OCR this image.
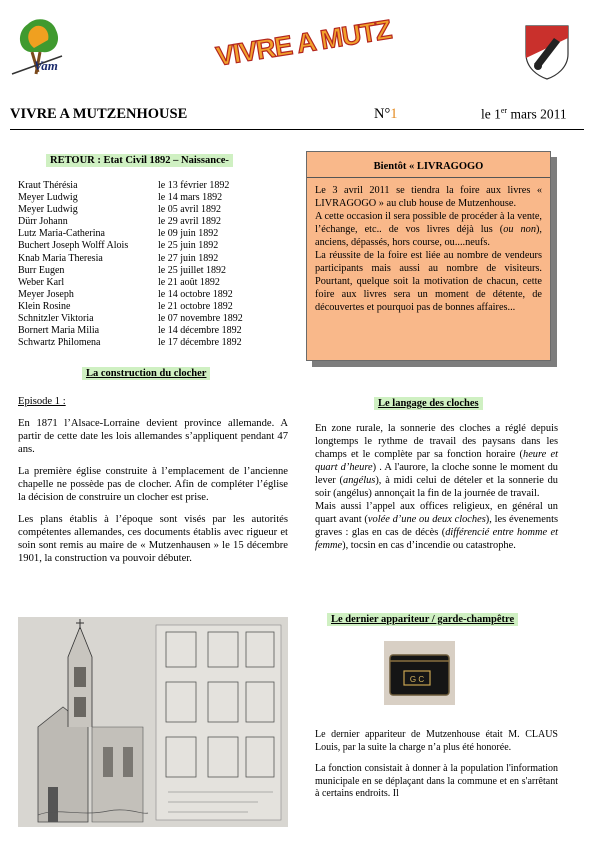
Vam	VIVRE A MUTZ
VIVRE A MUTZENHOUSE	N°1	le 1er mars 2011
RETOUR : Etat Civil 1892 – Naissance-
Kraut Thérésia	le 13 février 1892
Meyer Ludwig	le 14 mars 1892
Meyer Ludwig	le 05 avril 1892
Dürr Johann	le 29 avril 1892
Lutz Maria-Catherina	le 09 juin 1892
Buchert Joseph Wolff Alois	le 25 juin 1892
Knab Maria Theresia	le 27 juin 1892
Burr Eugen	le 25 juillet 1892
Weber Karl	le 21 août 1892
Meyer Joseph	le 14 octobre 1892
Klein Rosine	le 21 octobre 1892
Schnitzler Viktoria	le 07 novembre 1892
Bornert Maria Milia	le 14 décembre 1892
Schwartz Philomena	le 17 décembre 1892
La construction du clocher

Episode 1 :

En 1871 l’Alsace-Lorraine devient province allemande. A partir de cette date les lois allemandes s’appliquent pendant 47 ans.

La première église construite à l’emplacement de l’ancienne chapelle ne possède pas de clocher. Afin de compléter l’église la décision de construire un clocher est prise.

Les plans établis à l’époque sont visés par les autorités compétentes allemandes, ces documents établis avec rigueur et soin sont remis au maire de « Mutzenhausen » le 15 décembre 1901, la construction va pouvoir débuter.

Bientôt « LIVRAGOGO

Le 3 avril 2011 se tiendra la foire aux livres « LIVRAGOGO » au club house de Mutzenhouse.

A cette occasion il sera possible de procéder à la vente, l’échange, etc.. de vos livres déjà lus (ou non), anciens, dépassés, hors course, ou....neufs.

La réussite de la foire est liée au nombre de vendeurs participants mais aussi au nombre de visiteurs. Pourtant, quelque soit la motivation de chacun, cette foire aux livres sera un moment de détente, de découvertes et pourquoi pas de bonnes affaires...

Le langage des cloches

En zone rurale, la sonnerie des cloches a réglé depuis longtemps le rythme de travail des paysans dans les champs et le complète par sa fonction horaire (heure et quart d’heure) . A l'aurore, la cloche sonne le moment du lever (angélus), à midi celui de dételer et la sonnerie du soir (angélus) annonçait la fin de la journée de travail.

Mais aussi l’appel aux offices religieux, en général un quart avant (volée d’une ou deux cloches), les évenements graves : glas en cas de décès (différencié entre homme et femme), tocsin en cas d’incendie ou catastrophe.

Le dernier appariteur / garde-champêtre
G C

Le dernier appariteur de Mutzenhouse était M. CLAUS Louis, par la suite la charge n’a plus été honorée.

La fonction consistait à donner à la population l'information municipale en se déplaçant dans la commune et en s'arrêtant à certains endroits. Il
